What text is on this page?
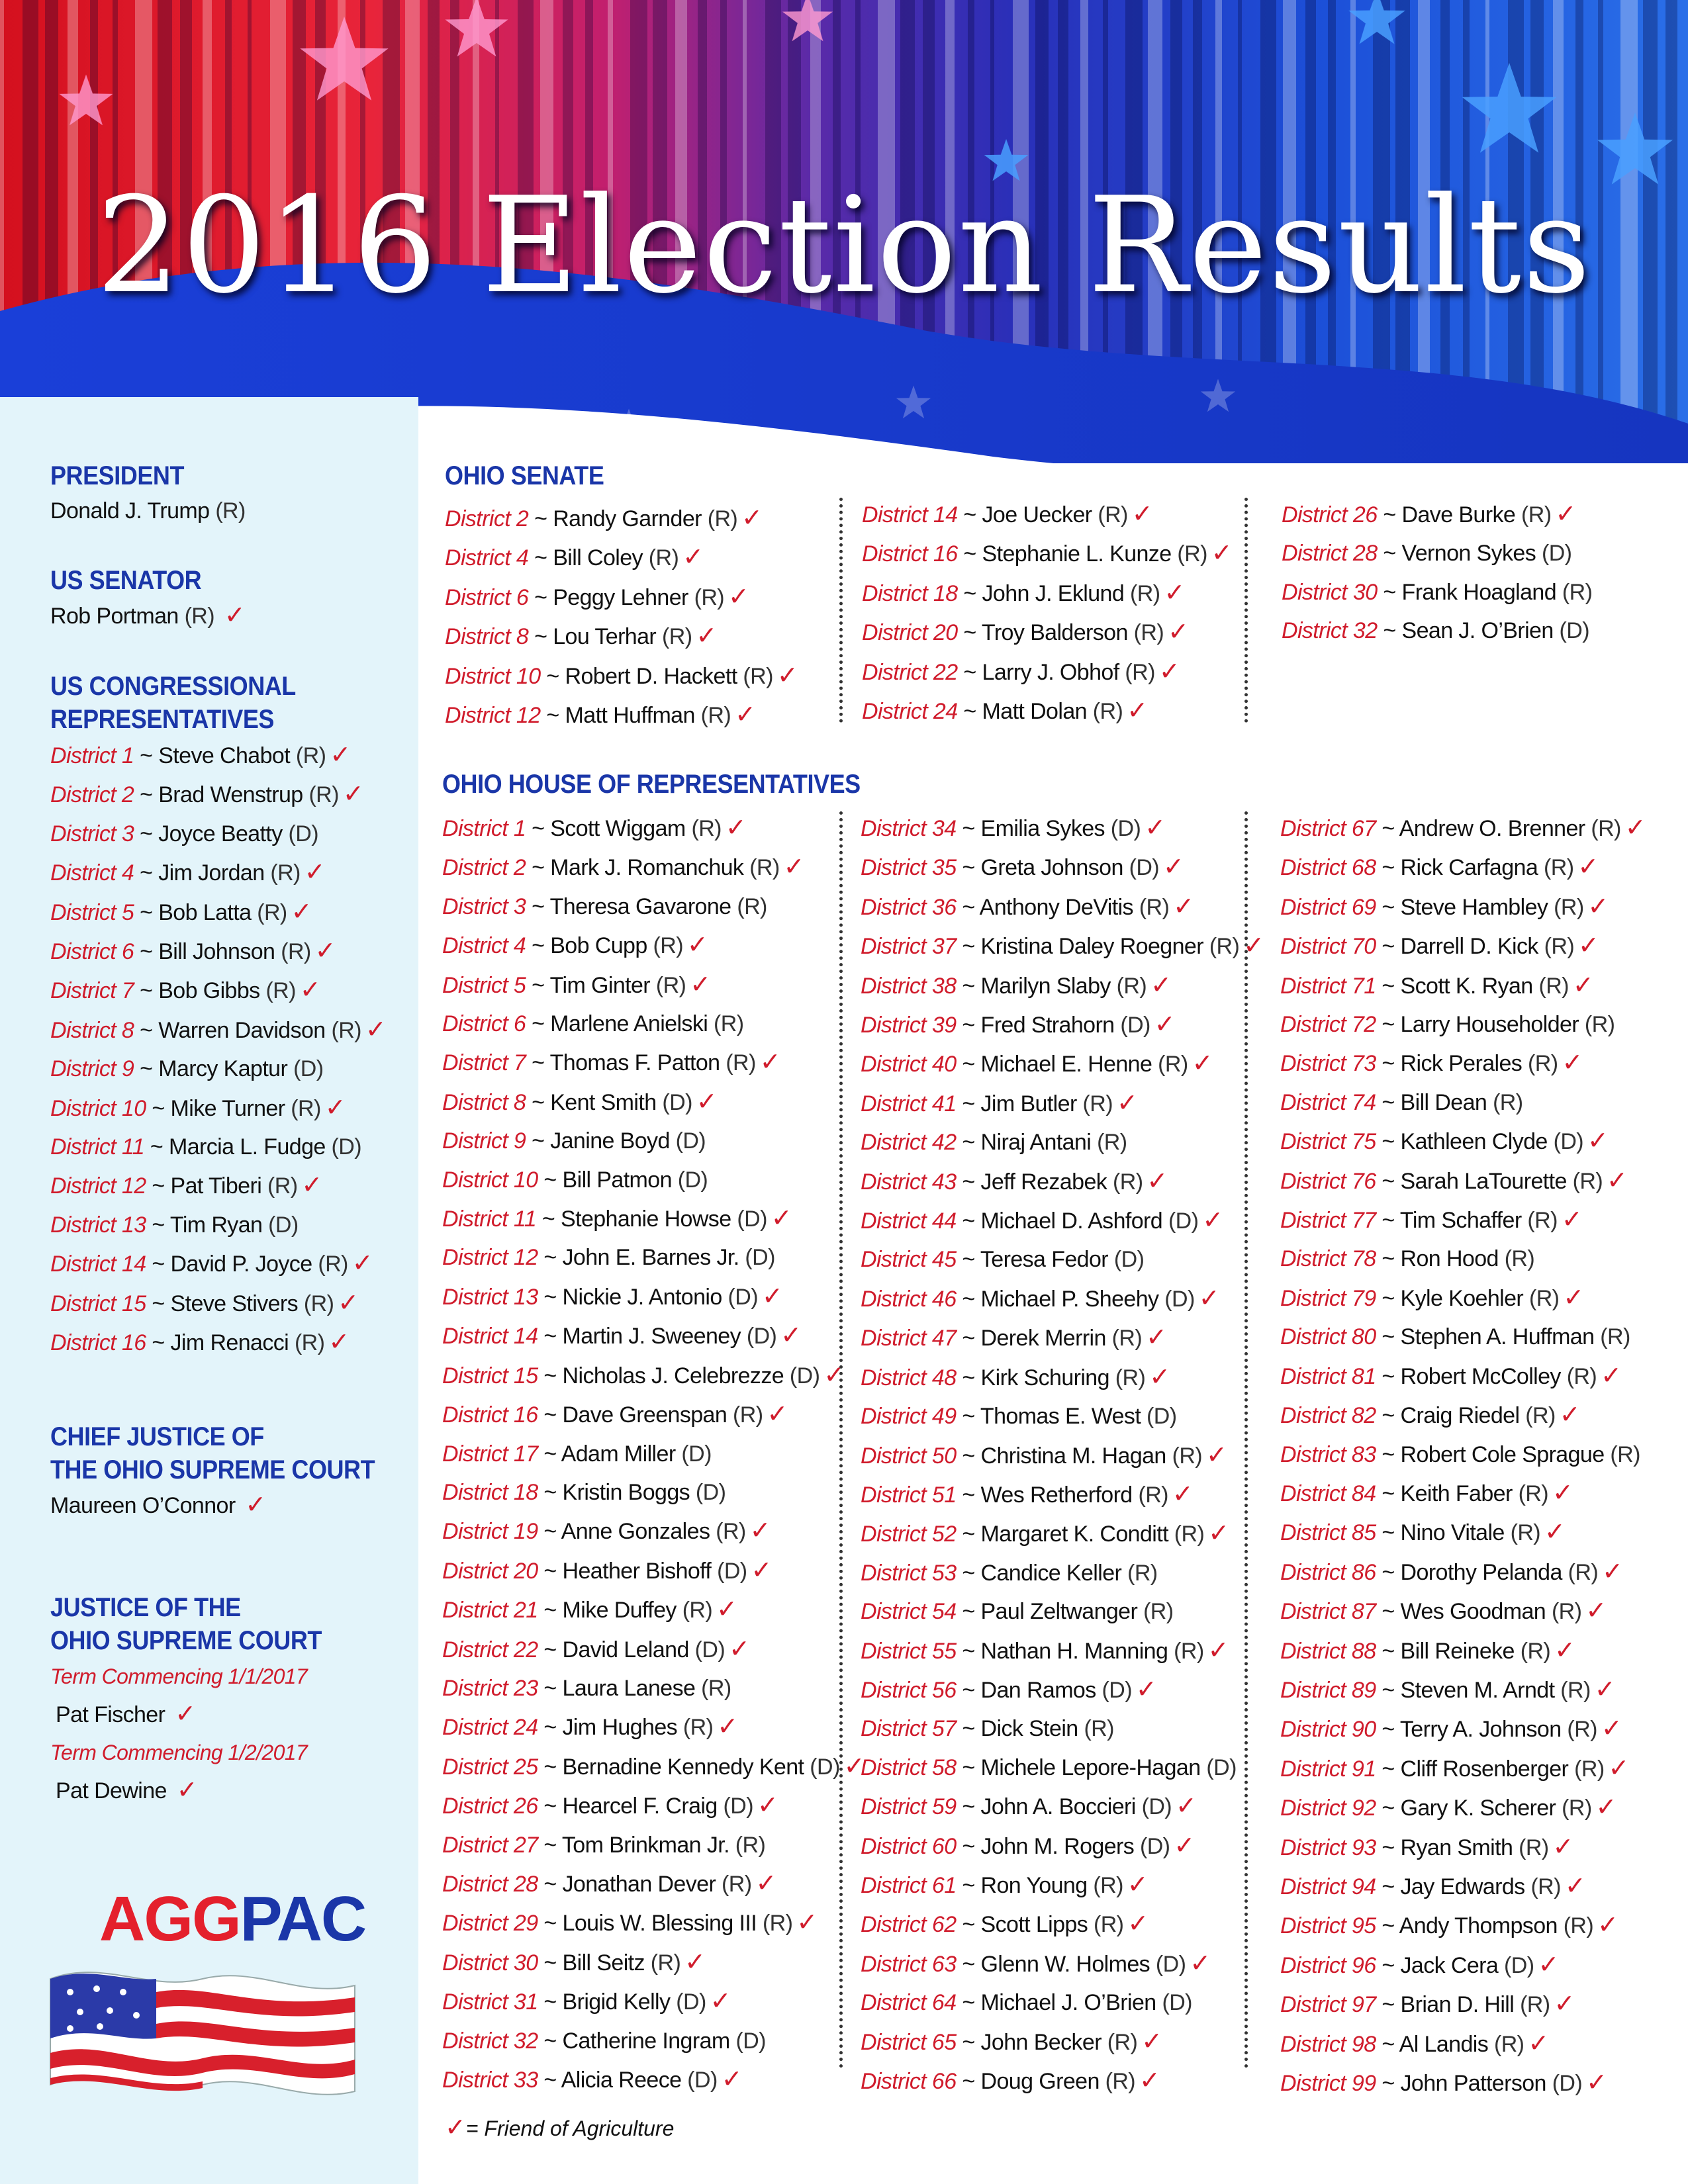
2016 Election Results
PRESIDENT
Donald J. Trump (R)
US SENATOR
Rob Portman (R) ✓
US CONGRESSIONAL
REPRESENTATIVES
District 1 ~ Steve Chabot (R) ✓
District 2 ~ Brad Wenstrup (R) ✓
District 3 ~ Joyce Beatty (D)
District 4 ~ Jim Jordan (R) ✓
District 5 ~ Bob Latta (R) ✓
District 6 ~ Bill Johnson (R) ✓
District 7 ~ Bob Gibbs (R) ✓
District 8 ~ Warren Davidson (R) ✓
District 9 ~ Marcy Kaptur (D)
District 10 ~ Mike Turner (R) ✓
District 11 ~ Marcia L. Fudge (D)
District 12 ~ Pat Tiberi (R) ✓
District 13 ~ Tim Ryan (D)
District 14 ~ David P. Joyce (R) ✓
District 15 ~ Steve Stivers (R) ✓
District 16 ~ Jim Renacci (R) ✓
CHIEF JUSTICE OF
THE OHIO SUPREME COURT
Maureen O’Connor ✓
JUSTICE OF THE
OHIO SUPREME COURT
Term Commencing 1/1/2017
Pat Fischer ✓
Term Commencing 1/2/2017
Pat Dewine ✓
AGGPAC
OHIO SENATE
District 2 ~ Randy Garnder (R) ✓
District 4 ~ Bill Coley (R) ✓
District 6 ~ Peggy Lehner (R) ✓
District 8 ~ Lou Terhar (R) ✓
District 10 ~ Robert D. Hackett (R) ✓
District 12 ~ Matt Huffman (R) ✓
District 14 ~ Joe Uecker (R) ✓
District 16 ~ Stephanie L. Kunze (R) ✓
District 18 ~ John J. Eklund (R) ✓
District 20 ~ Troy Balderson (R) ✓
District 22 ~ Larry J. Obhof (R) ✓
District 24 ~ Matt Dolan (R) ✓
District 26 ~ Dave Burke (R) ✓
District 28 ~ Vernon Sykes (D)
District 30 ~ Frank Hoagland (R)
District 32 ~ Sean J. O’Brien (D)
OHIO HOUSE OF REPRESENTATIVES
District 1 ~ Scott Wiggam (R) ✓
District 2 ~ Mark J. Romanchuk (R) ✓
District 3 ~ Theresa Gavarone (R)
District 4 ~ Bob Cupp (R) ✓
District 5 ~ Tim Ginter (R) ✓
District 6 ~ Marlene Anielski (R)
District 7 ~ Thomas F. Patton (R) ✓
District 8 ~ Kent Smith (D) ✓
District 9 ~ Janine Boyd (D)
District 10 ~ Bill Patmon (D)
District 11 ~ Stephanie Howse (D) ✓
District 12 ~ John E. Barnes Jr. (D)
District 13 ~ Nickie J. Antonio (D) ✓
District 14 ~ Martin J. Sweeney (D) ✓
District 15 ~ Nicholas J. Celebrezze (D) ✓
District 16 ~ Dave Greenspan (R) ✓
District 17 ~ Adam Miller (D)
District 18 ~ Kristin Boggs (D)
District 19 ~ Anne Gonzales (R) ✓
District 20 ~ Heather Bishoff (D) ✓
District 21 ~ Mike Duffey (R) ✓
District 22 ~ David Leland (D) ✓
District 23 ~ Laura Lanese (R)
District 24 ~ Jim Hughes (R) ✓
District 25 ~ Bernadine Kennedy Kent (D) ✓
District 26 ~ Hearcel F. Craig (D) ✓
District 27 ~ Tom Brinkman Jr. (R)
District 28 ~ Jonathan Dever (R) ✓
District 29 ~ Louis W. Blessing III (R) ✓
District 30 ~ Bill Seitz (R) ✓
District 31 ~ Brigid Kelly (D) ✓
District 32 ~ Catherine Ingram (D)
District 33 ~ Alicia Reece (D) ✓
District 34 ~ Emilia Sykes (D) ✓
District 35 ~ Greta Johnson (D) ✓
District 36 ~ Anthony DeVitis (R) ✓
District 37 ~ Kristina Daley Roegner (R) ✓
District 38 ~ Marilyn Slaby (R) ✓
District 39 ~ Fred Strahorn (D) ✓
District 40 ~ Michael E. Henne (R) ✓
District 41 ~ Jim Butler (R) ✓
District 42 ~ Niraj Antani (R)
District 43 ~ Jeff Rezabek (R) ✓
District 44 ~ Michael D. Ashford (D) ✓
District 45 ~ Teresa Fedor (D)
District 46 ~ Michael P. Sheehy (D) ✓
District 47 ~ Derek Merrin (R) ✓
District 48 ~ Kirk Schuring (R) ✓
District 49 ~ Thomas E. West (D)
District 50 ~ Christina M. Hagan (R) ✓
District 51 ~ Wes Retherford (R) ✓
District 52 ~ Margaret K. Conditt (R) ✓
District 53 ~ Candice Keller (R)
District 54 ~ Paul Zeltwanger (R)
District 55 ~ Nathan H. Manning (R) ✓
District 56 ~ Dan Ramos (D) ✓
District 57 ~ Dick Stein (R)
District 58 ~ Michele Lepore-Hagan (D)
District 59 ~ John A. Boccieri (D) ✓
District 60 ~ John M. Rogers (D) ✓
District 61 ~ Ron Young (R) ✓
District 62 ~ Scott Lipps (R) ✓
District 63 ~ Glenn W. Holmes (D) ✓
District 64 ~ Michael J. O’Brien (D)
District 65 ~ John Becker (R) ✓
District 66 ~ Doug Green (R) ✓
District 67 ~ Andrew O. Brenner (R) ✓
District 68 ~ Rick Carfagna (R) ✓
District 69 ~ Steve Hambley (R) ✓
District 70 ~ Darrell D. Kick (R) ✓
District 71 ~ Scott K. Ryan (R) ✓
District 72 ~ Larry Householder (R)
District 73 ~ Rick Perales (R) ✓
District 74 ~ Bill Dean (R)
District 75 ~ Kathleen Clyde (D) ✓
District 76 ~ Sarah LaTourette (R) ✓
District 77 ~ Tim Schaffer (R) ✓
District 78 ~ Ron Hood (R)
District 79 ~ Kyle Koehler (R) ✓
District 80 ~ Stephen A. Huffman (R)
District 81 ~ Robert McColley (R) ✓
District 82 ~ Craig Riedel (R) ✓
District 83 ~ Robert Cole Sprague (R)
District 84 ~ Keith Faber (R) ✓
District 85 ~ Nino Vitale (R) ✓
District 86 ~ Dorothy Pelanda (R) ✓
District 87 ~ Wes Goodman (R) ✓
District 88 ~ Bill Reineke (R) ✓
District 89 ~ Steven M. Arndt (R) ✓
District 90 ~ Terry A. Johnson (R) ✓
District 91 ~ Cliff Rosenberger (R) ✓
District 92 ~ Gary K. Scherer (R) ✓
District 93 ~ Ryan Smith (R) ✓
District 94 ~ Jay Edwards (R) ✓
District 95 ~ Andy Thompson (R) ✓
District 96 ~ Jack Cera (D) ✓
District 97 ~ Brian D. Hill (R) ✓
District 98 ~ Al Landis (R) ✓
District 99 ~ John Patterson (D) ✓
✓= Friend of Agriculture
